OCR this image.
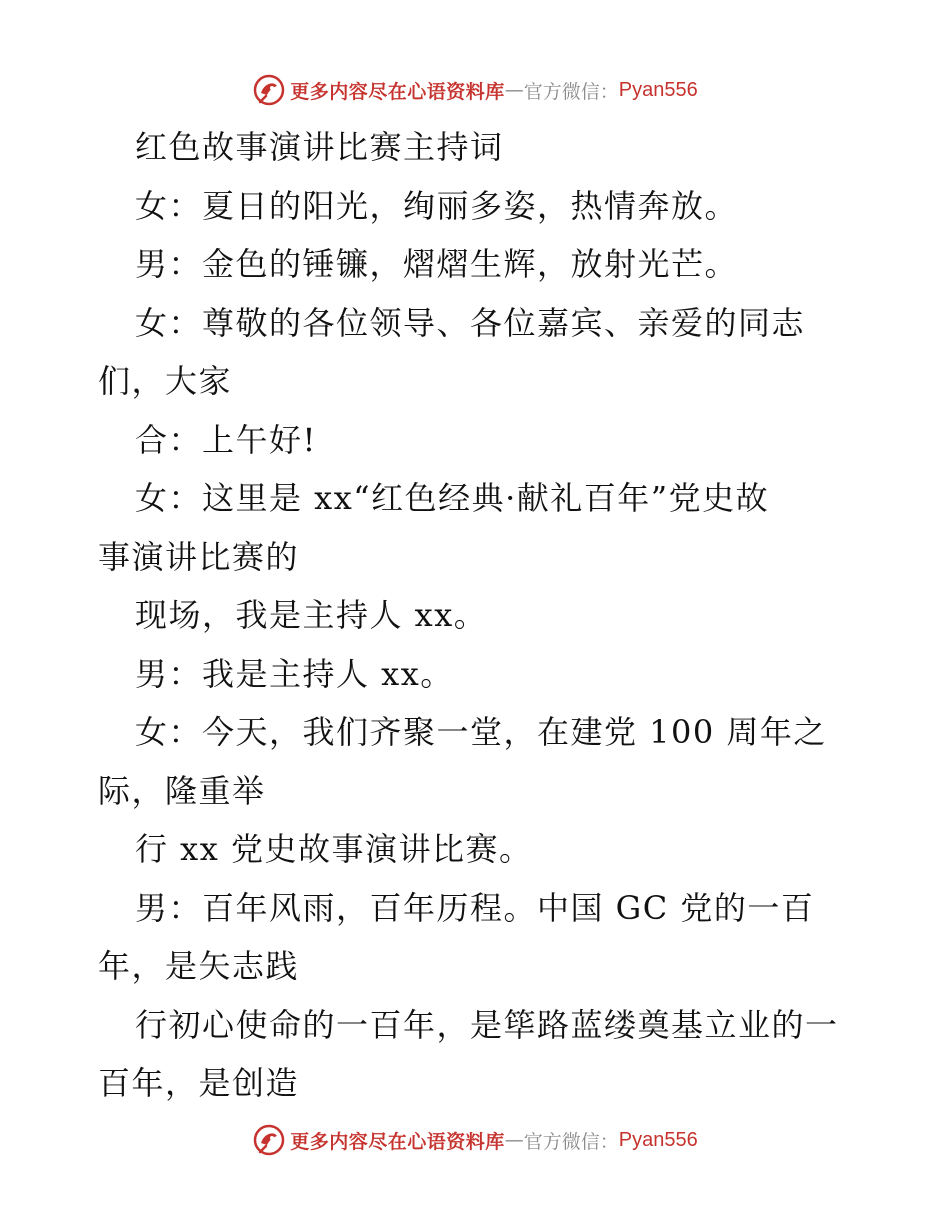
更多内容尽在心语资料库 — 官方微信： Pyan556
红色故事演讲比赛主持词
女：夏日的阳光，绚丽多姿，热情奔放。
男：金色的锤镰，熠熠生辉，放射光芒。
女：尊敬的各位领导、各位嘉宾、亲爱的同志
们，大家
合：上午好!
女：这里是 xx“红色经典·献礼百年”党史故
事演讲比赛的
现场，我是主持人 xx。
男：我是主持人 xx。
女：今天，我们齐聚一堂，在建党 100 周年之
际，隆重举
行 xx 党史故事演讲比赛。
男：百年风雨，百年历程。中国 GC 党的一百
年，是矢志践
行初心使命的一百年，是筚路蓝缕奠基立业的一
百年，是创造
更多内容尽在心语资料库 — 官方微信： Pyan556
